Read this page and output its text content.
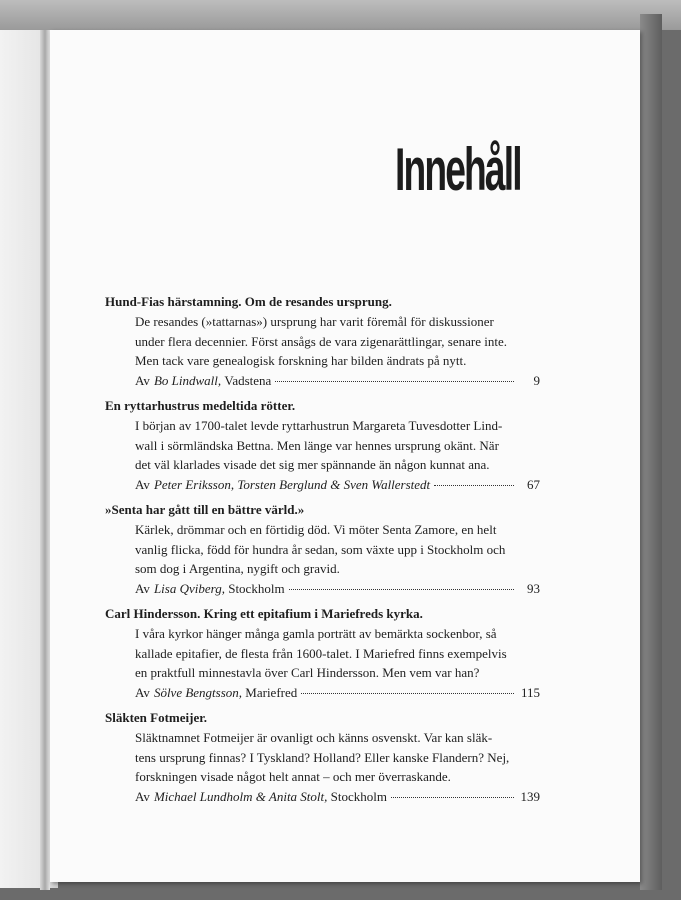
Innehåll
Hund-Fias härstamning. Om de resandes ursprung.

De resandes (»tattarnas») ursprung har varit föremål för diskussioner
under flera decennier. Först ansågs de vara zigenarättlingar, senare inte.
Men tack vare genealogisk forskning har bilden ändrats på nytt.

Av Bo Lindwall,
Vadstena	9
En ryttarhustrus medeltida rötter.

I början av 1700-talet levde ryttarhustrun Margareta Tuvesdotter Lind-
wall i sörmländska Bettna. Men länge var hennes ursprung okänt. När
det väl klarlades visade det sig mer spännande än någon kunnat ana.

Av Peter Eriksson, Torsten Berglund & Sven Wallerstedt	67
»Senta har gått till en bättre värld.»

Kärlek, drömmar och en förtidig död. Vi möter Senta Zamore, en helt
vanlig flicka, född för hundra år sedan, som växte upp i Stockholm och
som dog i Argentina, nygift och gravid.

Av Lisa Qviberg,
Stockholm	93
Carl Hindersson. Kring ett epitafium i Mariefreds kyrka.

I våra kyrkor hänger många gamla porträtt av bemärkta sockenbor, så
kallade epitafier, de flesta från 1600-talet. I Mariefred finns exempelvis
en praktfull minnestavla över Carl Hindersson. Men vem var han?

Av Sölve Bengtsson,
Mariefred	115
Släkten Fotmeijer.

Släktnamnet Fotmeijer är ovanligt och känns osvenskt. Var kan släk-
tens ursprung finnas? I Tyskland? Holland? Eller kanske Flandern? Nej,
forskningen visade något helt annat – och mer överraskande.

Av Michael Lundholm & Anita Stolt,
Stockholm	139
